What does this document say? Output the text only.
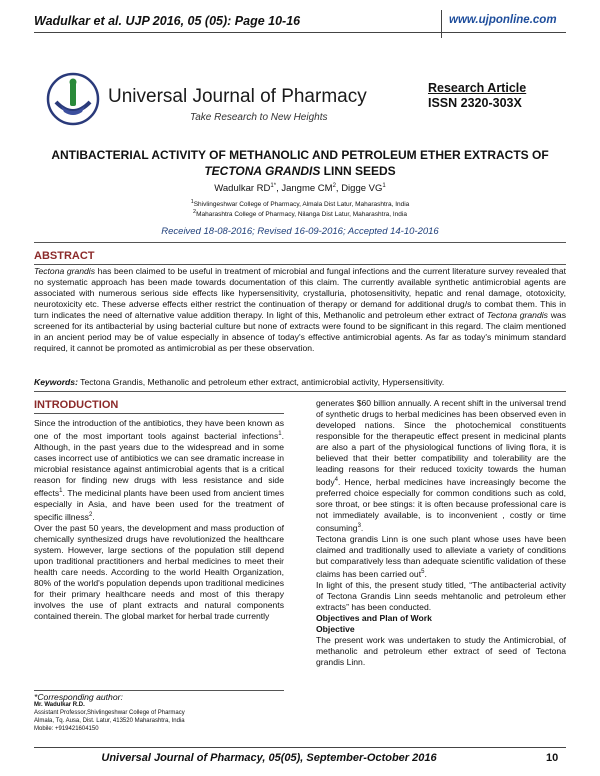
Wadulkar et al. UJP 2016, 05 (05): Page 10-16	www.ujponline.com
Universal Journal of Pharmacy
Take Research to New Heights
Research Article
ISSN 2320-303X
ANTIBACTERIAL ACTIVITY OF METHANOLIC AND PETROLEUM ETHER EXTRACTS OF
TECTONA GRANDIS LINN SEEDS
Wadulkar $RD^{1*}$, Jangme $CM^2$, Digge $VG^1$
$^1$Shivlingeshwar College of Pharmacy, Almala Dist Latur, Maharashtra, India
$^2$Maharashtra College of Pharmacy, Nilanga Dist Latur, Maharashtra, India
Received 18-08-2016; Revised 16-09-2016; Accepted 14-10-2016
ABSTRACT
Tectona grandis has been claimed to be useful in treatment of microbial and fungal infections and the current literature survey revealed that no systematic approach has been made towards documentation of this claim. The currently available synthetic antimicrobial agents are associated with numerous serious side effects like hypersensitivity, crystalluria, photosensitivity, hepatic and renal damage, ototoxicity, neurotoxicity etc. These adverse effects either restrict the continuation of therapy or demand for additional drug/s to combat them. This in turn indicates the need of alternative value addition therapy. In light of this, Methanolic and petroleum ether extract of Tectona grandis was screened for its antibacterial by using bacterial culture but none of extracts were found to be significant in this regard. The claim mentioned in an ancient period may be of value especially in absence of today's effective antimicrobial agents. As far as today's minimum standard required, it cannot be promoted as antimicrobial as per these observation.
Keywords: Tectona Grandis, Methanolic and petroleum ether extract, antimicrobial activity, Hypersensitivity.
INTRODUCTION

Since the introduction of the antibiotics, they have been known as one of the most important tools against bacterial infections$^1$. Although, in the past years due to the widespread and in some cases incorrect use of antibiotics we can see dramatic increase in microbial resistance against antimicrobial agents that is a critical reason for finding new drugs with less resistance and side effects$^1$. The medicinal plants have been used from ancient times especially in Asia, and have been used for the treatment of specific illness$^2$.

Over the past 50 years, the development and mass production of chemically synthesized drugs have revolutionized the healthcare system. However, large sections of the population still depend upon traditional practitioners and herbal medicines to meet their health care needs. According to the world Health Organization, 80% of the world's population depends upon traditional medicines for their primary healthcare needs and most of this therapy involves the use of plant extracts and natural components contained therein. The global market for herbal trade currently

*Corresponding author:
Mr. Wadulkar R.D.
Assistant Professor,Shivlingeshwar College of Pharmacy
Almala, Tq. Ausa, Dist. Latur, 413520 Maharashtra, India
Mobile: +919421604150

generates $60 billion annually. A recent shift in the universal trend of synthetic drugs to herbal medicines has been observed even in developed nations. Since the photochemical constituents responsible for the therapeutic effect present in medicinal plants are also a part of the physiological functions of living flora, it is believed that their better compatibility and tolerability are the leading reasons for their reduced toxicity towards the human body$^4$. Hence, herbal medicines have increasingly become the preferred choice especially for common conditions such as cold, sore throat, or bee stings: it is often because professional care is not immediately available, is to inconvenient , costly or time consuming$^3$.

Tectona grandis Linn is one such plant whose uses have been claimed and traditionally used to alleviate a variety of conditions but comparatively less than adequate scientific validation of these claims has been carried out$^5$.

In light of this, the present study titled, “The antibacterial activity of Tectona Grandis Linn seeds mehtanolic and petroleum ether extracts” has been conducted.

Objectives and Plan of Work

Objective

The present work was undertaken to study the Antimicrobial, of methanolic and petroleum ether extract of seed of Tectona grandis Linn.

Universal Journal of Pharmacy, 05(05), September-October 2016	10
